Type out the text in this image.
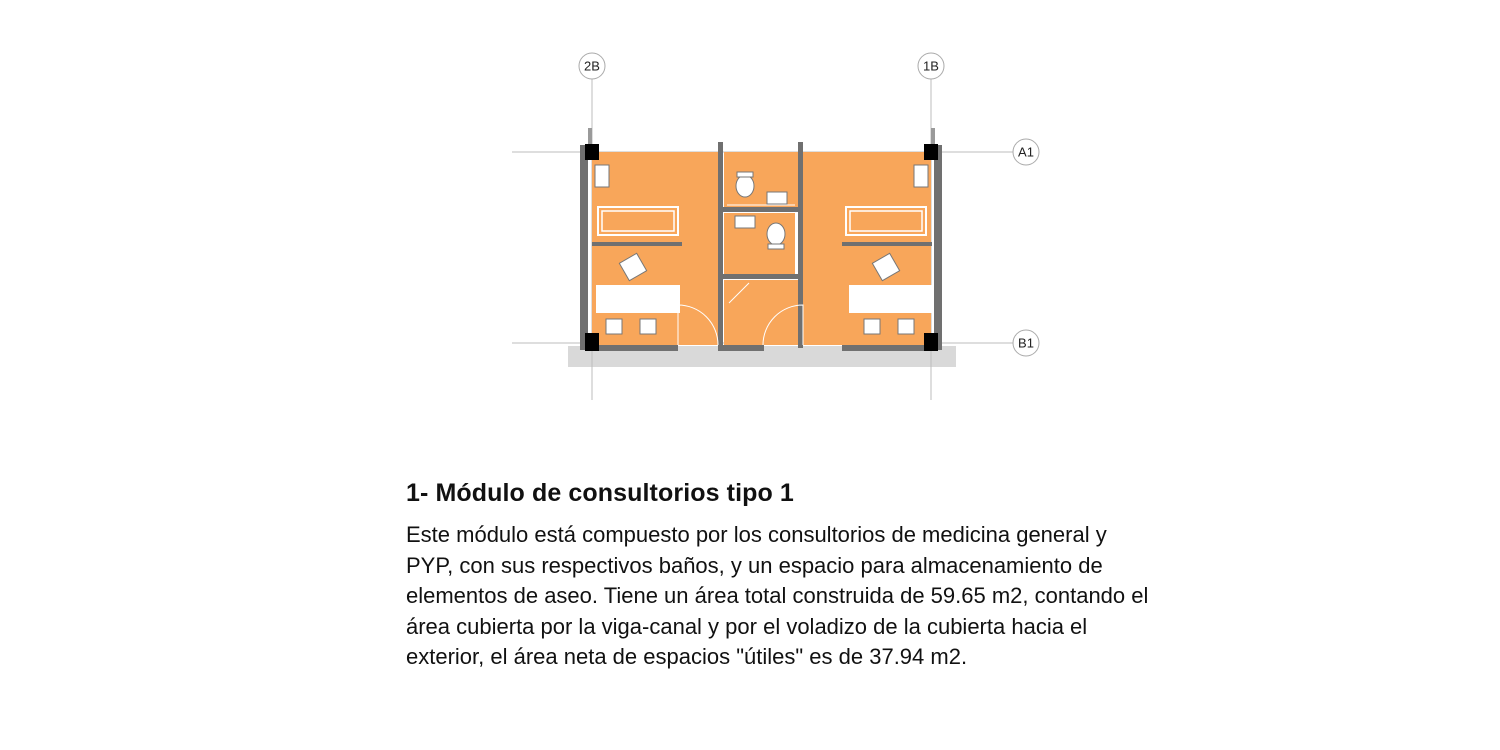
2B	1B
A1
B1
1- Módulo de consultorios tipo 1

Este módulo está compuesto por los consultorios de medicina general y PYP, con sus respectivos baños, y un espacio para almacenamiento de elementos de aseo. Tiene un área total construida de 59.65 m2, contando el área cubierta por la viga-canal y por el voladizo de la cubierta hacia el exterior, el área neta de espacios "útiles" es de 37.94 m2.
